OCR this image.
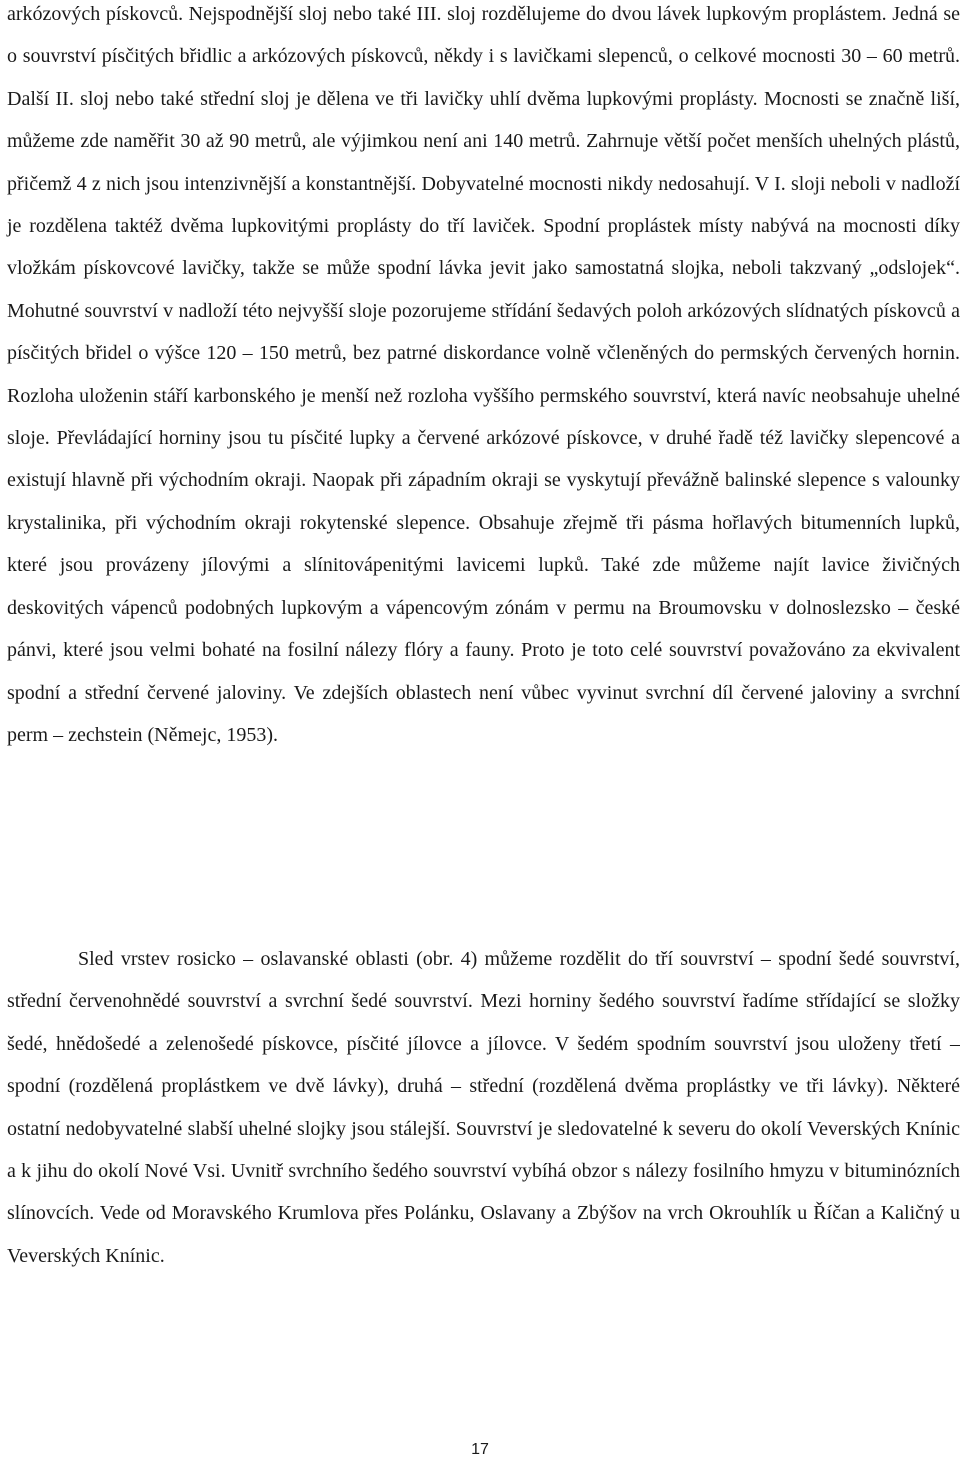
arkózových pískovců. Nejspodnější sloj nebo také III. sloj rozdělujeme do dvou lávek lupkovým proplástem. Jedná se o souvrství písčitých břidlic a arkózových pískovců, někdy i s lavičkami slepenců, o celkové mocnosti 30 – 60 metrů. Další II. sloj nebo také střední sloj je dělena ve tři lavičky uhlí dvěma lupkovými proplásty. Mocnosti se značně liší, můžeme zde naměřit 30 až 90 metrů, ale výjimkou není ani 140 metrů. Zahrnuje větší počet menších uhelných plástů, přičemž 4 z nich jsou intenzivnější a konstantnější. Dobyvatelné mocnosti nikdy nedosahují. V I. sloji neboli v nadloží je rozdělena taktéž dvěma lupkovitými proplásty do tří laviček. Spodní proplástek místy nabývá na mocnosti díky vložkám pískovcové lavičky, takže se může spodní lávka jevit jako samostatná slojka, neboli takzvaný „odslojek“. Mohutné souvrství v nadloží této nejvyšší sloje pozorujeme střídání šedavých poloh arkózových slídnatých pískovců a písčitých břidel o výšce 120 – 150 metrů, bez patrné diskordance volně včleněných do permských červených hornin. Rozloha uloženin stáří karbonského je menší než rozloha vyššího permského souvrství, která navíc neobsahuje uhelné sloje. Převládající horniny jsou tu písčité lupky a červené arkózové pískovce, v druhé řadě též lavičky slepencové a existují hlavně při východním okraji. Naopak při západním okraji se vyskytují převážně balinské slepence s valounky krystalinika, při východním okraji rokytenské slepence. Obsahuje zřejmě tři pásma hořlavých bitumenních lupků, které jsou provázeny jílovými a slínitovápenitými lavicemi lupků. Také zde můžeme najít lavice živičných deskovitých vápenců podobných lupkovým a vápencovým zónám v permu na Broumovsku v dolnoslezsko – české pánvi, které jsou velmi bohaté na fosilní nálezy flóry a fauny. Proto je toto celé souvrství považováno za ekvivalent spodní a střední červené jaloviny. Ve zdejších oblastech není vůbec vyvinut svrchní díl červené jaloviny a svrchní perm – zechstein (Němejc, 1953).

Sled vrstev rosicko – oslavanské oblasti (obr. 4) můžeme rozdělit do tří souvrství – spodní šedé souvrství, střední červenohnědé souvrství a svrchní šedé souvrství. Mezi horniny šedého souvrství řadíme střídající se složky šedé, hnědošedé a zelenošedé pískovce, písčité jílovce a jílovce. V šedém spodním souvrství jsou uloženy třetí – spodní (rozdělená proplástkem ve dvě lávky), druhá – střední (rozdělená dvěma proplástky ve tři lávky). Některé ostatní nedobyvatelné slabší uhelné slojky jsou stálejší. Souvrství je sledovatelné k severu do okolí Veverských Knínic a k jihu do okolí Nové Vsi. Uvnitř svrchního šedého souvrství vybíhá obzor s nálezy fosilního hmyzu v bituminózních slínovcích. Vede od Moravského Krumlova přes Polánku, Oslavany a Zbýšov na vrch Okrouhlík u Říčan a Kaličný u Veverských Knínic.

17
